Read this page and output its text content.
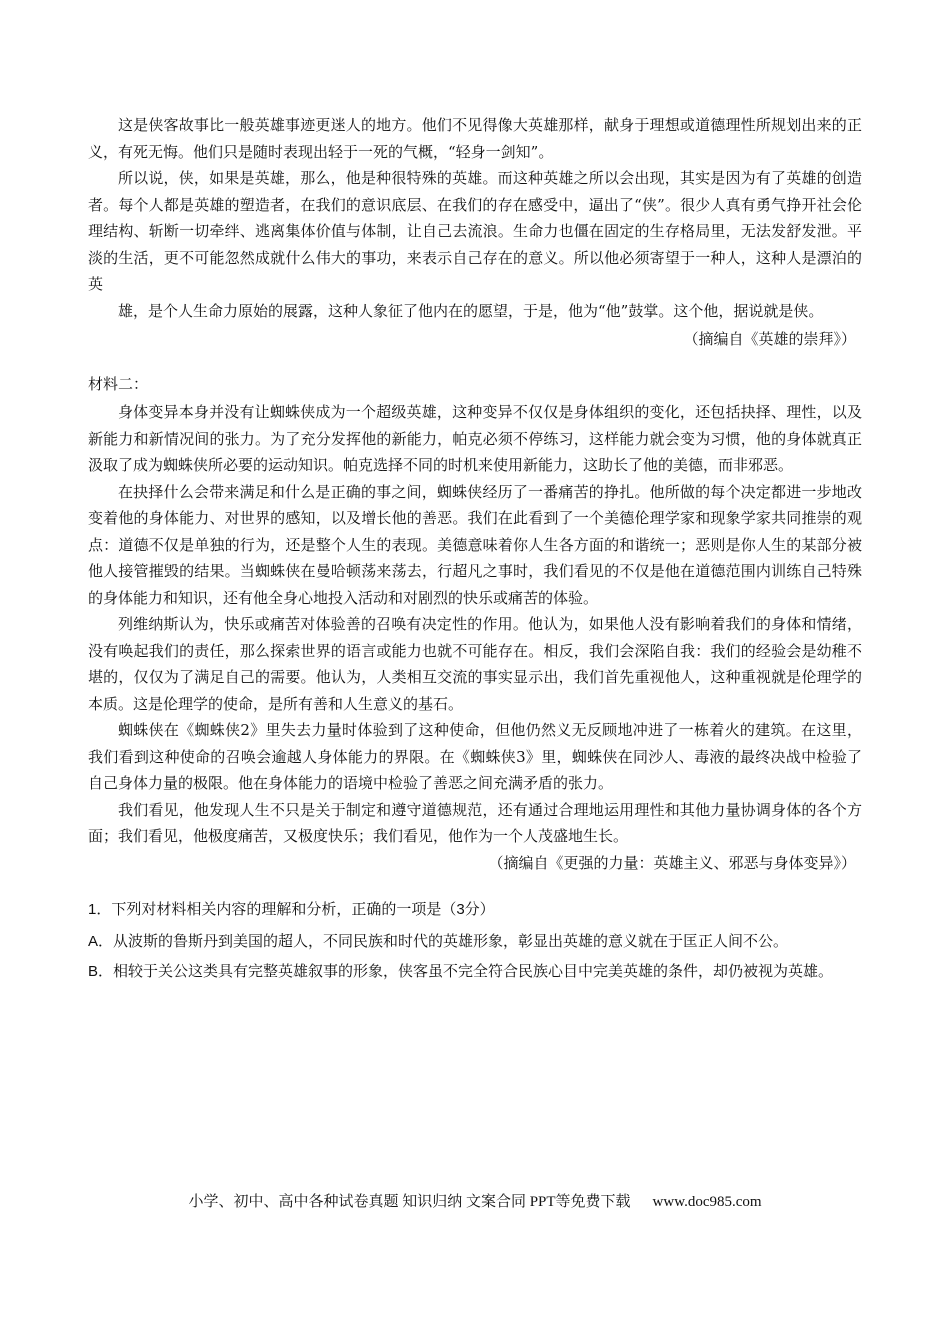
这是侠客故事比一般英雄事迹更迷人的地方。他们不见得像大英雄那样，献身于理想或道德理性所规划出来的正义，有死无悔。他们只是随时表现出轻于一死的气概，“轻身一剑知”。

所以说，侠，如果是英雄，那么，他是种很特殊的英雄。而这种英雄之所以会出现，其实是因为有了英雄的创造者。每个人都是英雄的塑造者，在我们的意识底层、在我们的存在感受中，逼出了“侠”。很少人真有勇气挣开社会伦理结构、斩断一切牵绊、逃离集体价值与体制，让自己去流浪。生命力也僵在固定的生存格局里，无法发舒发泄。平淡的生活，更不可能忽然成就什么伟大的事功，来表示自己存在的意义。所以他必须寄望于一种人，这种人是漂泊的英

雄，是个人生命力原始的展露，这种人象征了他内在的愿望，于是，他为“他”鼓掌。这个他，据说就是侠。

（摘编自《英雄的崇拜》）

材料二：

身体变异本身并没有让蜘蛛侠成为一个超级英雄，这种变异不仅仅是身体组织的变化，还包括抉择、理性，以及新能力和新情况间的张力。为了充分发挥他的新能力，帕克必须不停练习，这样能力就会变为习惯，他的身体就真正汲取了成为蜘蛛侠所必要的运动知识。帕克选择不同的时机来使用新能力，这助长了他的美德，而非邪恶。

在抉择什么会带来满足和什么是正确的事之间，蜘蛛侠经历了一番痛苦的挣扎。他所做的每个决定都进一步地改变着他的身体能力、对世界的感知，以及增长他的善恶。我们在此看到了一个美德伦理学家和现象学家共同推崇的观点：道德不仅是单独的行为，还是整个人生的表现。美德意味着你人生各方面的和谐统一；恶则是你人生的某部分被他人接管摧毁的结果。当蜘蛛侠在曼哈顿荡来荡去，行超凡之事时，我们看见的不仅是他在道德范围内训练自己特殊的身体能力和知识，还有他全身心地投入活动和对剧烈的快乐或痛苦的体验。

列维纳斯认为，快乐或痛苦对体验善的召唤有决定性的作用。他认为，如果他人没有影响着我们的身体和情绪，没有唤起我们的责任，那么探索世界的语言或能力也就不可能存在。相反，我们会深陷自我：我们的经验会是幼稚不堪的，仅仅为了满足自己的需要。他认为，人类相互交流的事实显示出，我们首先重视他人，这种重视就是伦理学的本质。这是伦理学的使命，是所有善和人生意义的基石。

蜘蛛侠在《蜘蛛侠2》里失去力量时体验到了这种使命，但他仍然义无反顾地冲进了一栋着火的建筑。在这里，我们看到这种使命的召唤会逾越人身体能力的界限。在《蜘蛛侠3》里，蜘蛛侠在同沙人、毒液的最终决战中检验了自己身体力量的极限。他在身体能力的语境中检验了善恶之间充满矛盾的张力。

我们看见，他发现人生不只是关于制定和遵守道德规范，还有通过合理地运用理性和其他力量协调身体的各个方面；我们看见，他极度痛苦，又极度快乐；我们看见，他作为一个人茂盛地生长。

（摘编自《更强的力量：英雄主义、邪恶与身体变异》）

1．下列对材料相关内容的理解和分析，正确的一项是（3分）

A．从波斯的鲁斯丹到美国的超人，不同民族和时代的英雄形象，彰显出英雄的意义就在于匡正人间不公。

B．相较于关公这类具有完整英雄叙事的形象，侠客虽不完全符合民族心目中完美英雄的条件，却仍被视为英雄。

小学、初中、高中各种试卷真题 知识归纳 文案合同 PPT等免费下载 www.doc985.com
